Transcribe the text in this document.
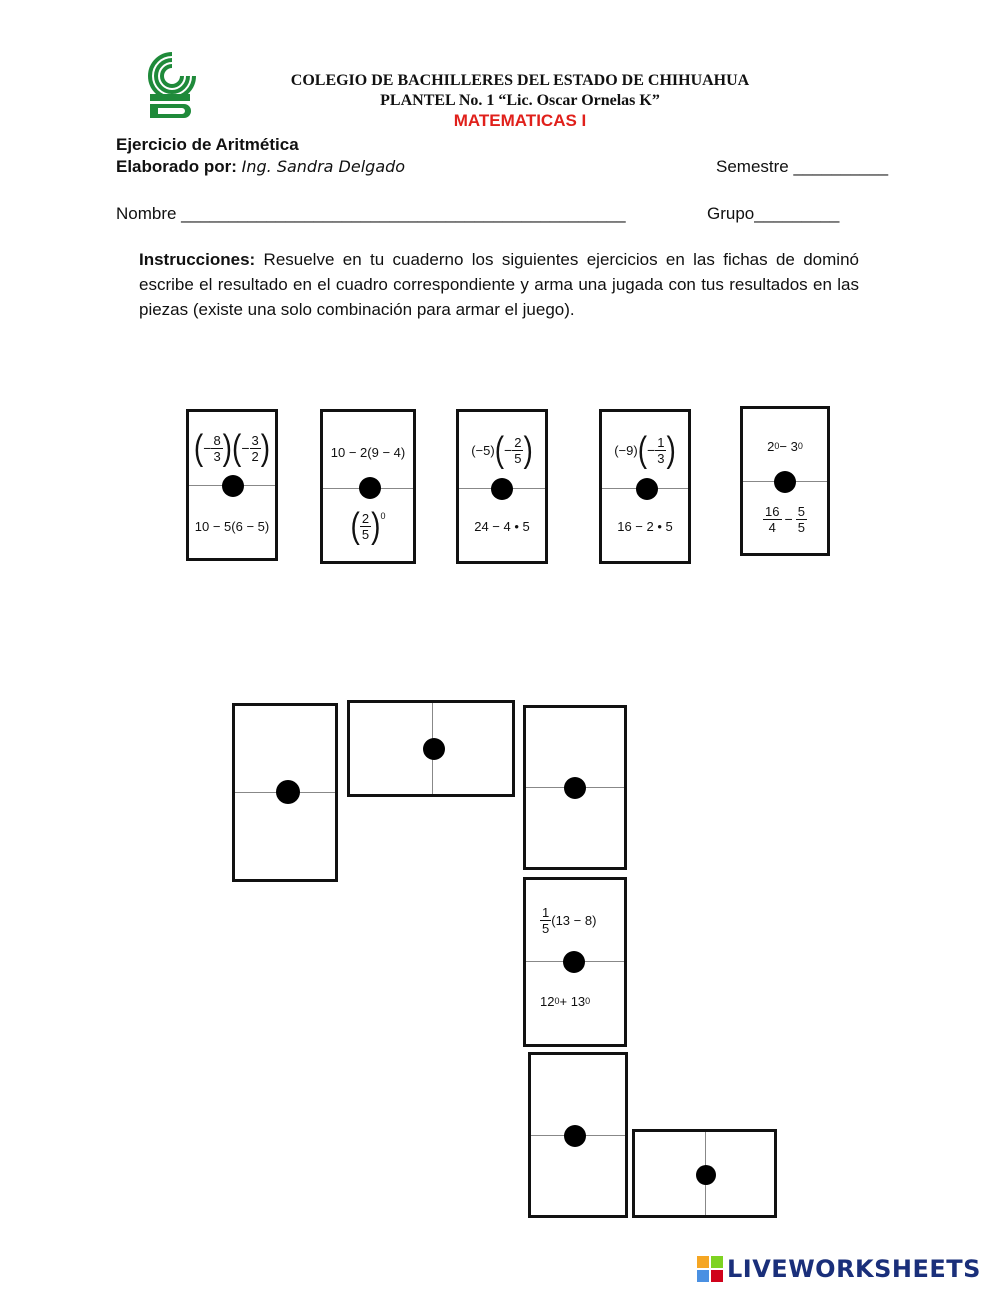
COLEGIO DE BACHILLERES DEL ESTADO DE CHIHUAHUA
PLANTEL No. 1 “Lic. Oscar Ornelas K”
MATEMATICAS I
Ejercicio de Aritmética
Elaborado por: Ing. Sandra Delgado	Semestre __________
Nombre _______________________________________________	Grupo_________
Instrucciones: Resuelve en tu cuaderno los siguientes ejercicios en las fichas de dominó escribe el resultado en el cuadro correspondiente y arma una jugada con tus resultados en las piezas (existe una solo combinación para armar el juego).
( − $\frac{8}{3}$ ) ( − $\frac{3}{2}$ )
10 − 5(6 − 5)
10 − 2(9 − 4)
( $\frac{2}{5}$ ) 0
(−5) ( − $\frac{2}{5}$ )
24 − 4 • 5
(−9) ( − $\frac{1}{3}$ )
16 − 2 • 5
2 0 − 3 0
$\frac{16}{4} - \frac{5}{5}$
$\frac{1}{5} (13 - 8)$
12 0 + 13 0
LIVEWORKSHEETS
